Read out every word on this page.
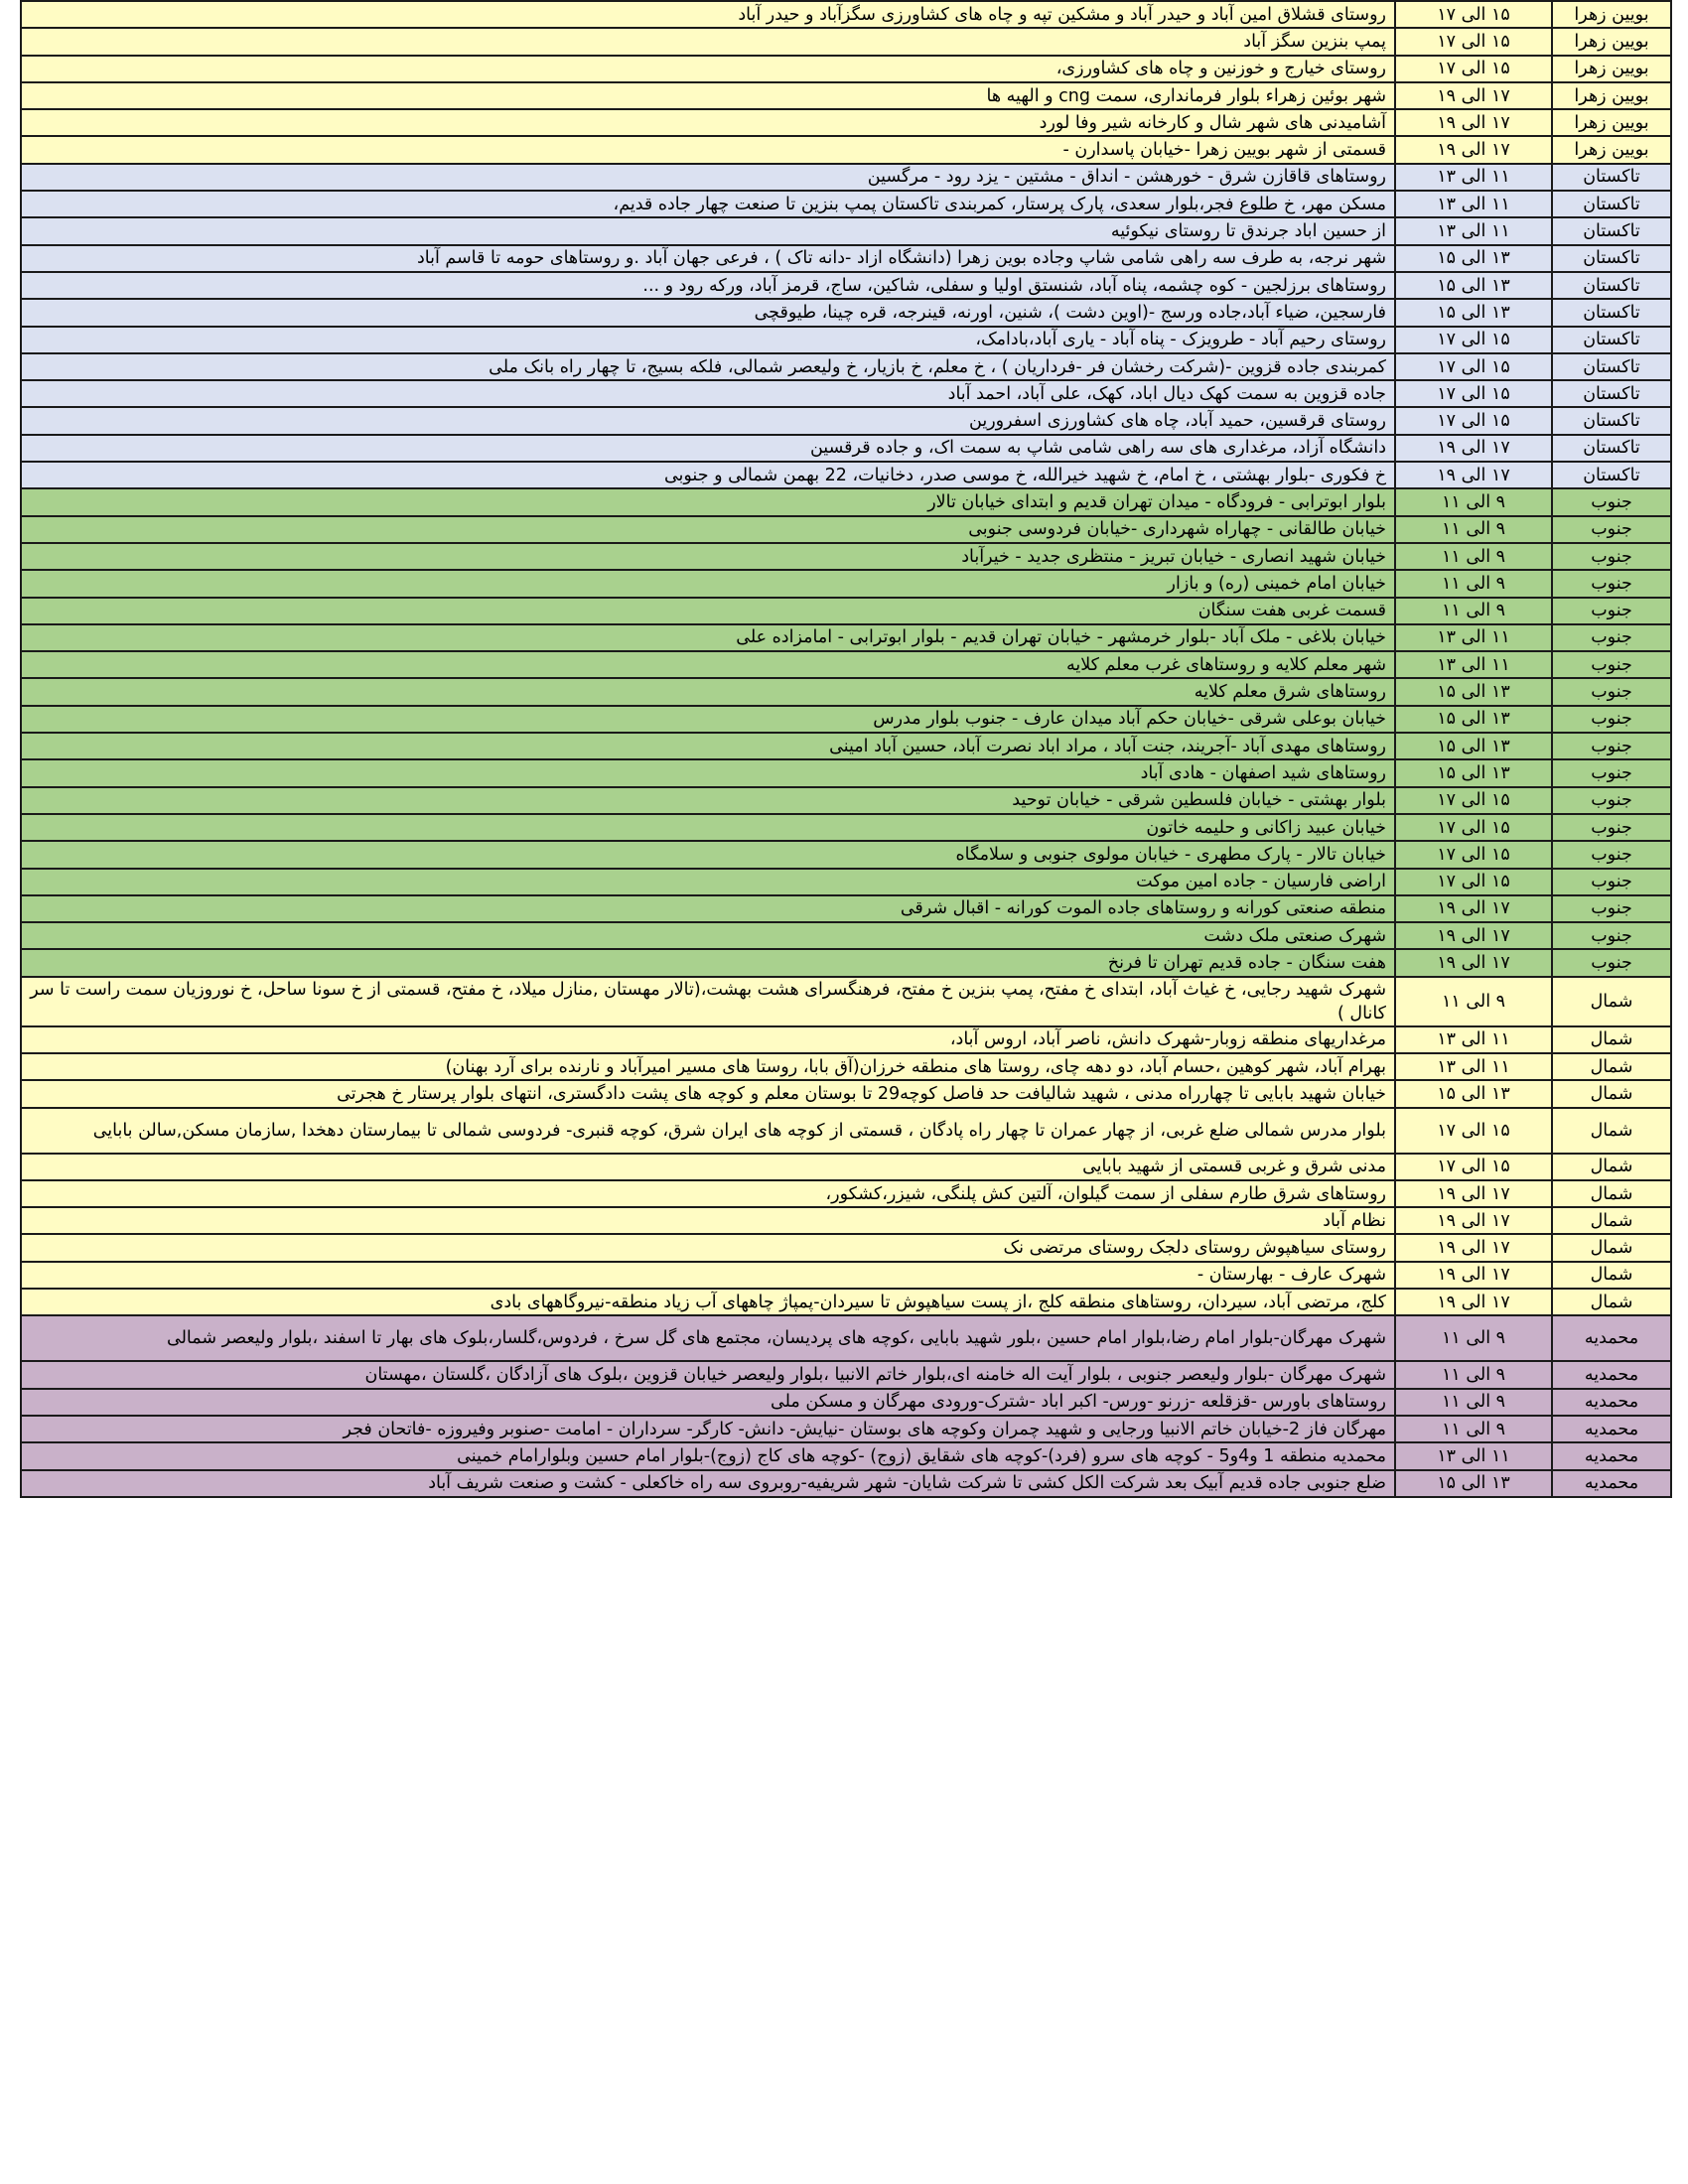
بویین زهرا	۱۵ الی ۱۷	روستای قشلاق امین آباد و حیدر آباد و مشکین تپه و چاه های کشاورزی سگزآباد و حیدر آباد
بویین زهرا	۱۵ الی ۱۷	پمپ بنزین سگز آباد
بویین زهرا	۱۵ الی ۱۷	روستای خیارج و خوزنین و چاه های کشاورزی،
بویین زهرا	۱۷ الی ۱۹	شهر بوئین زهراء بلوار فرمانداری، سمت cng و الهیه ها
بویین زهرا	۱۷ الی ۱۹	آشامیدنی های شهر شال و کارخانه شیر وفا لورد
بویین زهرا	۱۷ الی ۱۹	قسمتی از شهر بویین زهرا -خیابان پاسدارن -
تاکستان	۱۱ الی ۱۳	روستاهای قاقازن شرق - خورهشن - انداق - مشتین - یزد رود - مرگسین
تاکستان	۱۱ الی ۱۳	مسکن مهر، خ طلوع فجر،بلوار سعدی، پارک پرستار، کمربندی تاکستان پمپ بنزین تا صنعت چهار جاده قدیم،
تاکستان	۱۱ الی ۱۳	از حسین اباد جرندق تا روستای نیکوئیه
تاکستان	۱۳ الی ۱۵	شهر نرجه، به طرف سه راهی شامی شاپ وجاده بوین زهرا (دانشگاه ازاد -دانه تاک ) ، فرعی جهان آباد .و روستاهای حومه تا قاسم آباد
تاکستان	۱۳ الی ۱۵	روستاهای برزلجین - کوه چشمه، پناه آباد، شنستق اولیا و سفلی، شاکین، ساج، قرمز آباد، ورکه رود و ...
تاکستان	۱۳ الی ۱۵	فارسجین، ضیاء آباد،جاده ورسج -(اوین دشت )، شنین، اورنه، قینرجه، قره چینا، طیوقچی
تاکستان	۱۵ الی ۱۷	روستای رحیم آباد - طرویزک - پناه آباد - یاری آباد،بادامک،
تاکستان	۱۵ الی ۱۷	کمربندی جاده قزوین -(شرکت رخشان فر -فرداریان ) ، خ معلم، خ بازیار، خ ولیعصر شمالی، فلکه بسیج، تا چهار راه بانک ملی
تاکستان	۱۵ الی ۱۷	جاده قزوین به سمت کهک دیال اباد، کهک، علی آباد، احمد آباد
تاکستان	۱۵ الی ۱۷	روستای قرقسین، حمید آباد، چاه های کشاورزی اسفرورین
تاکستان	۱۷ الی ۱۹	دانشگاه آزاد، مرغداری های سه راهی شامی شاپ به سمت اک، و جاده قرقسین
تاکستان	۱۷ الی ۱۹	خ فکوری -بلوار بهشتی ، خ امام، خ شهید خیرالله، خ موسی صدر، دخانیات، 22 بهمن شمالی و جنوبی
جنوب	۹ الی ۱۱	بلوار ابوترابی - فرودگاه - میدان تهران قدیم و ابتدای خیابان تالار
جنوب	۹ الی ۱۱	خیابان طالقانی - چهاراه شهرداری -خیابان فردوسی جنوبی
جنوب	۹ الی ۱۱	خیابان شهید انصاری - خیابان تبریز - منتظری جدید - خیرآباد
جنوب	۹ الی ۱۱	خیابان امام خمینی (ره) و بازار
جنوب	۹ الی ۱۱	قسمت غربی هفت سنگان
جنوب	۱۱ الی ۱۳	خیابان بلاغی - ملک آباد -بلوار خرمشهر - خیابان تهران قدیم - بلوار ابوترابی - امامزاده علی
جنوب	۱۱ الی ۱۳	شهر معلم کلایه و روستاهای غرب معلم کلایه
جنوب	۱۳ الی ۱۵	روستاهای شرق معلم کلایه
جنوب	۱۳ الی ۱۵	خیابان بوعلی شرقی -خیابان حکم آباد میدان عارف - جنوب بلوار مدرس
جنوب	۱۳ الی ۱۵	روستاهای مهدی آباد -آجریند، جنت آباد ، مراد اباد نصرت آباد، حسین آباد امینی
جنوب	۱۳ الی ۱۵	روستاهای شید اصفهان - هادی آباد
جنوب	۱۵ الی ۱۷	بلوار بهشتی - خیابان فلسطین شرقی - خیابان توحید
جنوب	۱۵ الی ۱۷	خیابان عبید زاکانی و حلیمه خاتون
جنوب	۱۵ الی ۱۷	خیابان تالار - پارک مطهری - خیابان مولوی جنوبی و سلامگاه
جنوب	۱۵ الی ۱۷	اراضی فارسیان - جاده امین موکت
جنوب	۱۷ الی ۱۹	منطقه صنعتی کورانه و روستاهای جاده الموت کورانه - اقبال شرقی
جنوب	۱۷ الی ۱۹	شهرک صنعتی ملک دشت
جنوب	۱۷ الی ۱۹	هفت سنگان - جاده قدیم تهران تا فرنخ
شمال	۹ الی ۱۱	شهرک شهید رجایی، خ غیاث آباد، ابتدای خ مفتح، پمپ بنزین خ مفتح، فرهنگسرای هشت بهشت،(تالار مهستان ,منازل میلاد، خ مفتح، قسمتی از خ سونا ساحل، خ نوروزیان سمت راست تا سر کانال )
شمال	۱۱ الی ۱۳	مرغداریهای منطقه زوبار-شهرک دانش، ناصر آباد، اروس آباد،
شمال	۱۱ الی ۱۳	بهرام آباد، شهر کوهین ،حسام آباد، دو دهه چای، روستا های منطقه خرزان(آق بابا، روستا های مسیر امیرآباد و نارنده برای آرد بهنان)
شمال	۱۳ الی ۱۵	خیابان شهید بابایی تا چهارراه مدنی ، شهید شالیافت حد فاصل کوچه29 تا بوستان معلم و کوچه های پشت دادگستری، انتهای بلوار پرستار خ هجرتی
شمال	۱۵ الی ۱۷	بلوار مدرس شمالی ضلع غربی، از چهار عمران تا چهار راه پادگان ، قسمتی از کوچه های ایران شرق، کوچه قنبری- فردوسی شمالی تا بیمارستان دهخدا ,سازمان مسکن,سالن بابایی
شمال	۱۵ الی ۱۷	مدنی شرق و غربی قسمتی از شهید بابایی
شمال	۱۷ الی ۱۹	روستاهای شرق طارم سفلی از سمت گیلوان، آلتین کش پلنگی، شیزر،کشکور،
شمال	۱۷ الی ۱۹	نظام آباد
شمال	۱۷ الی ۱۹	روستای سیاهپوش روستای دلجک روستای مرتضی نک
شمال	۱۷ الی ۱۹	شهرک عارف - بهارستان -
شمال	۱۷ الی ۱۹	کلج، مرتضی آباد، سیردان، روستاهای منطقه کلج ،از پست سیاهپوش تا سیردان-پمپاژ چاههای آب زیاد منطقه-نیروگاههای بادی
محمدیه	۹ الی ۱۱	شهرک مهرگان-بلوار امام رضا،بلوار امام حسین ،بلور شهید بابایی ،کوچه های پردیسان، مجتمع های گل سرخ ، فردوس،گلسار،بلوک های بهار تا اسفند ،بلوار ولیعصر شمالی
محمدیه	۹ الی ۱۱	شهرک مهرگان -بلوار ولیعصر جنوبی ، بلوار آیت اله خامنه ای،بلوار خاتم الانبیا ،بلوار ولیعصر خیابان قزوین ،بلوک های آزادگان ،گلستان ،مهستان
محمدیه	۹ الی ۱۱	روستاهای باورس -قزقلعه -زرنو -ورس- اکبر اباد -شترک-ورودی مهرگان و مسکن ملی
محمدیه	۹ الی ۱۱	مهرگان فاز 2-خیابان خاتم الانبیا ورجایی و شهید چمران وکوچه های بوستان -نیایش- دانش- کارگر- سرداران - امامت -صنوبر وفیروزه -فاتحان فجر
محمدیه	۱۱ الی ۱۳	محمدیه منطقه 1 و4و5 - کوچه های سرو (فرد)-کوچه های شقایق (زوج) -کوچه های کاج (زوج)-بلوار امام حسین وبلوارامام خمینی
محمدیه	۱۳ الی ۱۵	ضلع جنوبی جاده قدیم آبیک بعد شرکت الکل کشی تا شرکت شایان- شهر شریفیه-روبروی سه راه خاکعلی - کشت و صنعت شریف آباد
